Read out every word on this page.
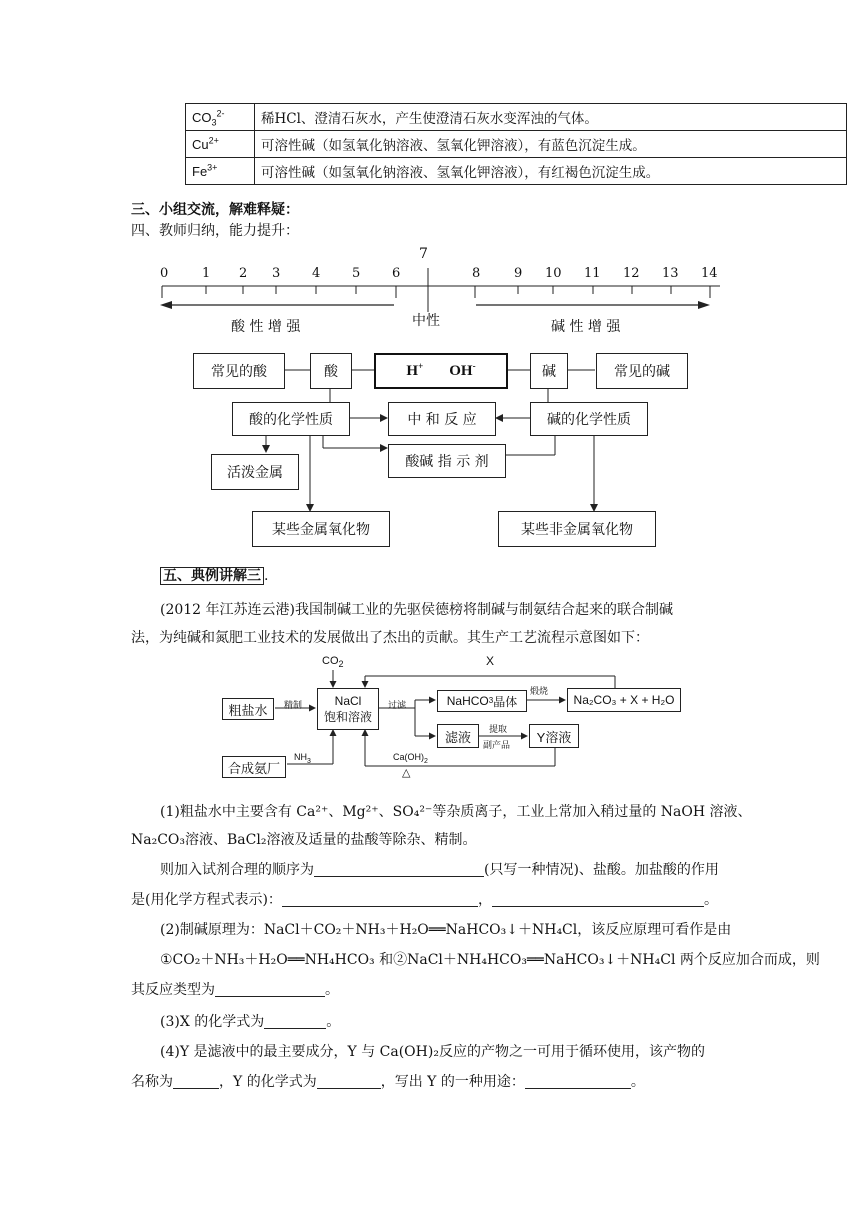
$CO_3^{2-}$	稀HCl、澄清石灰水，产生使澄清石灰水变浑浊的气体。
$Cu^{2+}$	可溶性碱（如氢氧化钠溶液、氢氧化钾溶液），有蓝色沉淀生成。
$Fe^{3+}$	可溶性碱（如氢氧化钠溶液、氢氧化钾溶液），有红褐色沉淀生成。
三、小组交流，解难释疑：
四、教师归纳，能力提升：
7
0	1 2 3 4 5 6	8	9 10 11 12 13 14
酸 性 增 强	中性	碱 性 增 强
常见的酸	酸	H+ OH-	碱	常见的碱
酸的化学性质	中 和 反 应	碱的化学性质
酸碱 指 示 剂
活泼金属
某些金属氧化物	某些非金属氧化物
五、典例讲解三 .
(2012 年江苏连云港)我国制碱工业的先驱侯德榜将制碱与制氨结合起来的联合制碱
法，为纯碱和氮肥工业技术的发展做出了杰出的贡献。其生产工艺流程示意图如下：
$CO_2$	X
粗盐水	精制	NaCl
饱和溶液
过滤	NaHCO 3 晶体
煅烧
Na₂CO₃ + X + H₂O
滤液
提取
副产品
Y溶液
合成氨厂
$NH_3$	$Ca(OH)_2$
△
(1)粗盐水中主要含有 Ca²⁺、Mg²⁺、SO₄²⁻等杂质离子，工业上常加入稍过量的 NaOH 溶液、
Na₂CO₃溶液、BaCl₂溶液及适量的盐酸等除杂、精制。
则加入试剂合理的顺序为	(只写一种情况)、盐酸。加盐酸的作用
是(用化学方程式表示)：	，	。
(2)制碱原理为：NaCl＋CO₂＋NH₃＋H₂O══NaHCO₃↓＋NH₄Cl，该反应原理可看作是由
①CO₂＋NH₃＋H₂O══NH₄HCO₃ 和②NaCl＋NH₄HCO₃══NaHCO₃↓＋NH₄Cl 两个反应加合而成，则
其反应类型为	。
(3)X 的化学式为	。
(4)Y 是滤液中的最主要成分，Y 与 Ca(OH)₂反应的产物之一可用于循环使用，该产物的
名称为	，Y 的化学式为	，写出 Y 的一种用途：	。
